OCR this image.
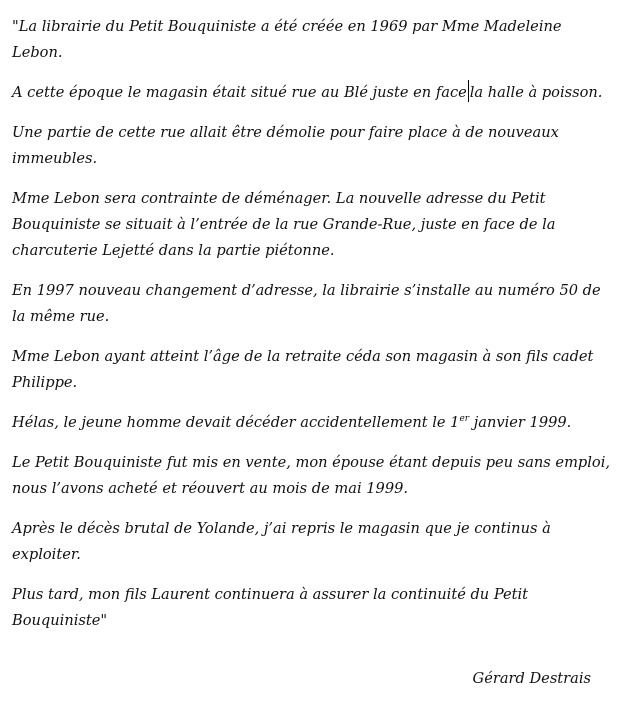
"La librairie du Petit Bouquiniste a été créée en 1969 par Mme Madeleine Lebon.

A cette époque le magasin était situé rue au Blé juste en face la halle à poisson.

Une partie de cette rue allait être démolie pour faire place à de nouveaux immeubles.

Mme Lebon sera contrainte de déménager. La nouvelle adresse du Petit Bouquiniste se situait à l’entrée de la rue Grande-Rue, juste en face de la charcuterie Lejetté dans la partie piétonne.

En 1997 nouveau changement d’adresse, la librairie s’installe au numéro 50 de la même rue.

Mme Lebon ayant atteint l’âge de la retraite céda son magasin à son fils cadet Philippe.

Hélas, le jeune homme devait décéder accidentellement le 1er janvier 1999.

Le Petit Bouquiniste fut mis en vente, mon épouse étant depuis peu sans emploi, nous l’avons acheté et réouvert au mois de mai 1999.

Après le décès brutal de Yolande, j’ai repris le magasin que je continus à exploiter.

Plus tard, mon fils Laurent continuera à assurer la continuité du Petit Bouquiniste"

Gérard Destrais
